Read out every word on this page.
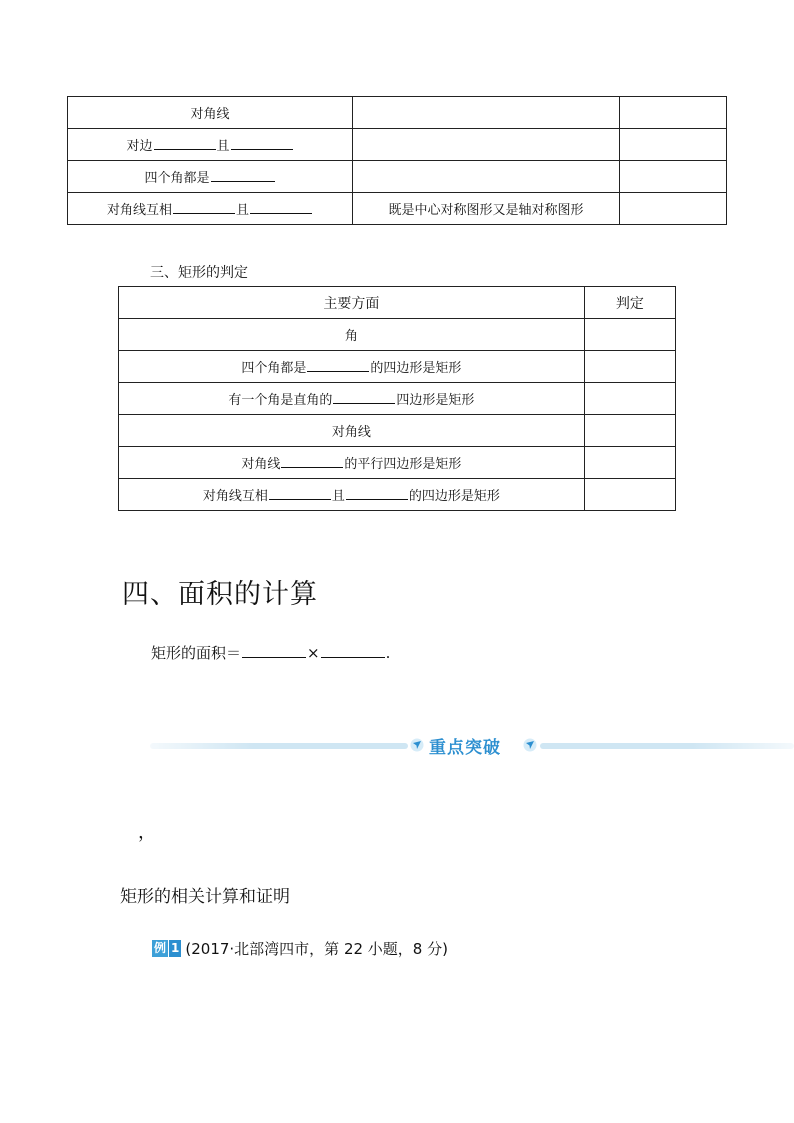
对角线		
对边 且		
四个角都是		
对角线互相 且	既是中心对称图形又是轴对称图形	
三、矩形的判定
主要方面	判定
角	
四个角都是 的四边形是矩形	
有一个角是直角的 四边形是矩形	
对角线	
对角线 的平行四边形是矩形	
对角线互相 且 的四边形是矩形	
四、面积的计算
矩形的面积＝	×	.
重点突破
，
矩形的相关计算和证明
例 1 (2017·北部湾四市，第 22 小题，8 分)
